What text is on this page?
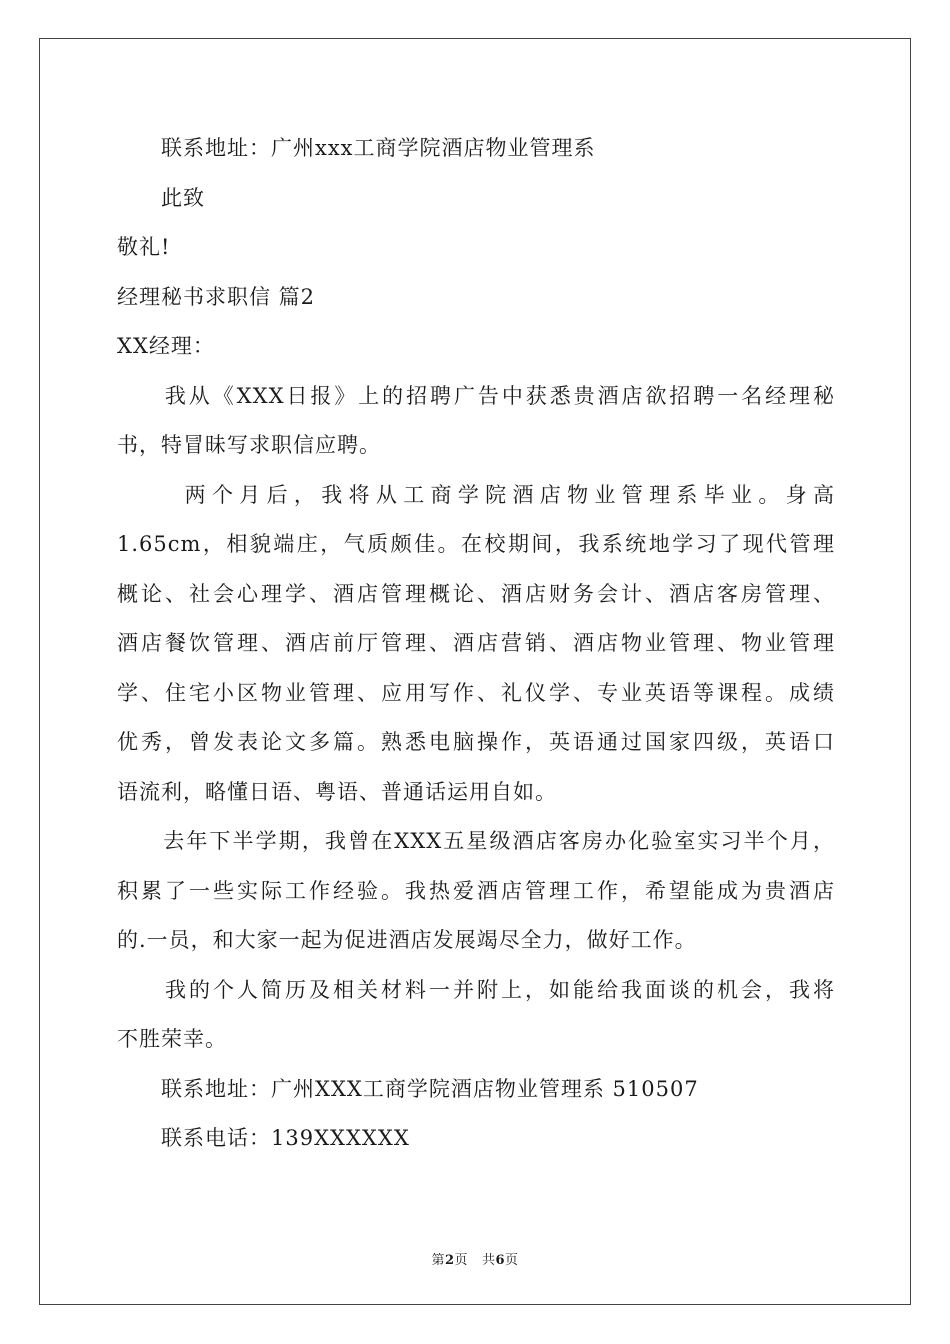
　　联系地址：广州xxx工商学院酒店物业管理系
　　此致
敬礼!
经理秘书求职信 篇2
XX经理：
　　我从《XXX日报》上的招聘广告中获悉贵酒店欲招聘一名经理秘
书，特冒昧写求职信应聘。
　　 两个月后，我将从工商学院酒店物业管理系毕业。身高
1.65cm，相貌端庄，气质颇佳。在校期间，我系统地学习了现代管理
概论、社会心理学、酒店管理概论、酒店财务会计、酒店客房管理、
酒店餐饮管理、酒店前厅管理、酒店营销、酒店物业管理、物业管理
学、住宅小区物业管理、应用写作、礼仪学、专业英语等课程。成绩
优秀，曾发表论文多篇。熟悉电脑操作，英语通过国家四级，英语口
语流利，略懂日语、粤语、普通话运用自如。
　　去年下半学期，我曾在XXX五星级酒店客房办化验室实习半个月，
积累了一些实际工作经验。我热爱酒店管理工作，希望能成为贵酒店
的.一员，和大家一起为促进酒店发展竭尽全力，做好工作。
　　我的个人简历及相关材料一并附上，如能给我面谈的机会，我将
不胜荣幸。
　　联系地址：广州XXX工商学院酒店物业管理系 510507
　　联系电话：139XXXXXX
第2页 共6页
